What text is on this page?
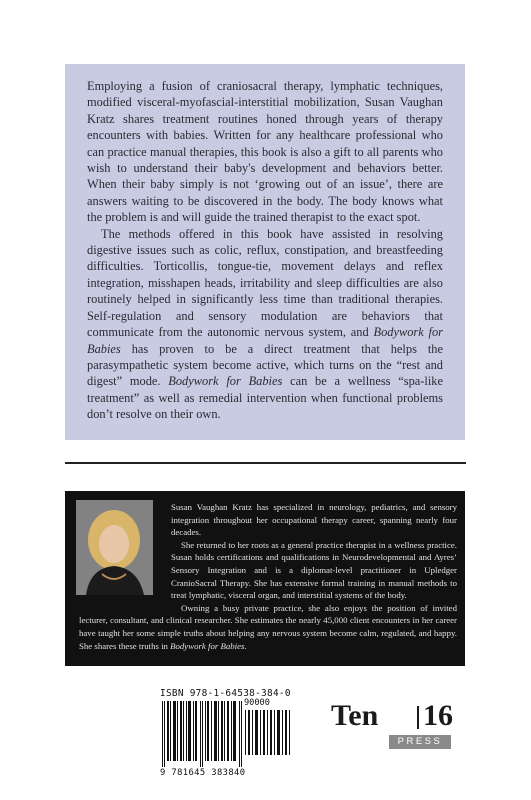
Employing a fusion of craniosacral therapy, lymphatic techniques, modified visceral-myofascial-interstitial mobilization, Susan Vaughan Kratz shares treatment routines honed through years of therapy encounters with babies. Written for any healthcare professional who can practice manual therapies, this book is also a gift to all parents who wish to understand their baby's development and behaviors better. When their baby simply is not ‘growing out of an issue’, there are answers waiting to be discovered in the body. The body knows what the problem is and will guide the trained therapist to the exact spot.

The methods offered in this book have assisted in resolving digestive issues such as colic, reflux, constipation, and breastfeeding difficulties. Torticollis, tongue-tie, movement delays and reflex integration, misshapen heads, irritability and sleep difficulties are also routinely helped in significantly less time than traditional therapies. Self-regulation and sensory modulation are behaviors that communicate from the autonomic nervous system, and Bodywork for Babies has proven to be a direct treatment that helps the parasympathetic system become active, which turns on the “rest and digest” mode. Bodywork for Babies can be a wellness “spa-like treatment” as well as remedial intervention when functional problems don’t resolve on their own.

Susan Vaughan Kratz has specialized in neurology, pediatrics, and sensory integration throughout her occupational therapy career, spanning nearly four decades.

She returned to her roots as a general practice therapist in a wellness practice. Susan holds certifications and qualifications in Neurodevelopmental and Ayres’ Sensory Integration and is a diplomat-level practitioner in Upledger CranioSacral Therapy. She has extensive formal training in manual methods to treat lymphatic, visceral organ, and interstitial systems of the body.

Owning a busy private practice, she also enjoys the position of invited lecturer, consultant, and clinical researcher. She estimates the nearly 45,000 client encounters in her career have taught her some simple truths about helping any nervous system become calm, regulated, and happy. She shares these truths in Bodywork for Babies.

ISBN 978-1-64538-384-0
9 781645 383840
90000 Ten 16
PRESS
